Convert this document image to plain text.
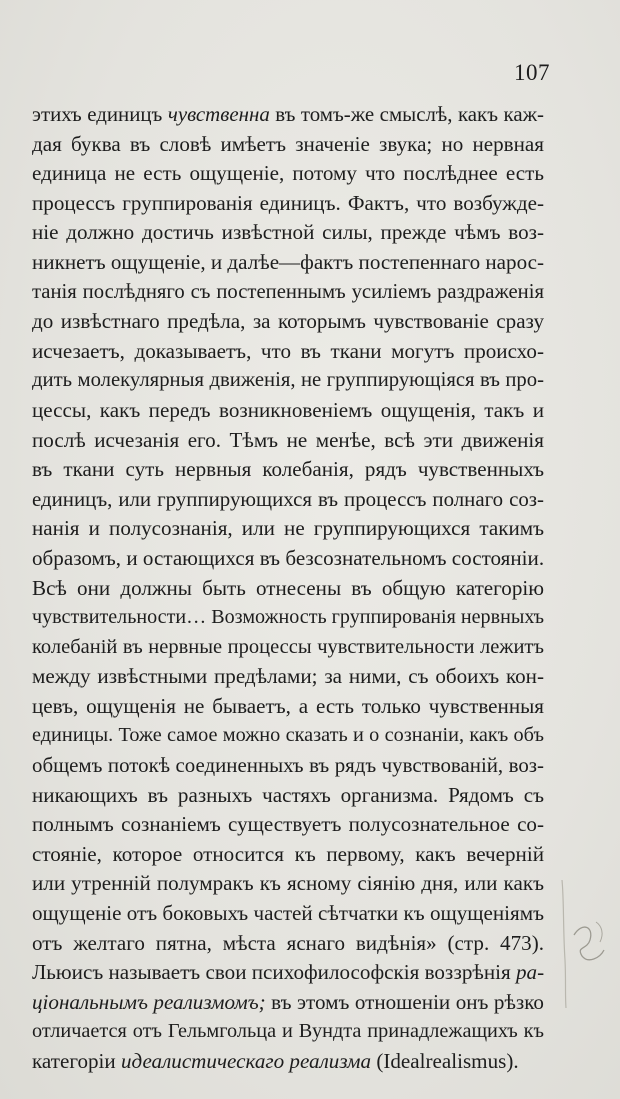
107
этихъ единицъ чувственна въ томъ-же смыслѣ, какъ каж-
дая буква въ словѣ имѣетъ значеніе звука; но нервная
единица не есть ощущеніе, потому что послѣднее есть
процессъ группированія единицъ. Фактъ, что возбужде-
ніе должно достичь извѣстной силы, прежде чѣмъ воз-
никнетъ ощущеніе, и далѣе—фактъ постепеннаго нарос-
танія послѣдняго съ постепеннымъ усиліемъ раздраженія
до извѣстнаго предѣла, за которымъ чувствованіе сразу
исчезаетъ, доказываетъ, что въ ткани могутъ происхо-
дить молекулярныя движенія, не группирующіяся въ про-
цессы, какъ передъ возникновеніемъ ощущенія, такъ и
послѣ исчезанія его. Тѣмъ не менѣе, всѣ эти движенія
въ ткани суть нервныя колебанія, рядъ чувственныхъ
единицъ, или группирующихся въ процессъ полнаго соз-
нанія и полусознанія, или не группирующихся такимъ
образомъ, и остающихся въ безсознательномъ состояніи.
Всѣ они должны быть отнесены въ общую категорію
чувствительности… Возможность группированія нервныхъ
колебаній въ нервные процессы чувствительности лежитъ
между извѣстными предѣлами; за ними, съ обоихъ кон-
цевъ, ощущенія не бываетъ, а есть только чувственныя
единицы. Тоже самое можно сказать и о сознаніи, какъ объ
общемъ потокѣ соединенныхъ въ рядъ чувствованій, воз-
никающихъ въ разныхъ частяхъ организма. Рядомъ съ
полнымъ сознаніемъ существуетъ полусознательное со-
стояніе, которое относится къ первому, какъ вечерній
или утренній полумракъ къ ясному сіянію дня, или какъ
ощущеніе отъ боковыхъ частей сѣтчатки къ ощущеніямъ
отъ желтаго пятна, мѣста яснаго видѣнія» (стр. 473).
Льюисъ называетъ свои психофилософскія воззрѣнія ра-
ціональнымъ реализмомъ; въ этомъ отношеніи онъ рѣзко
отличается отъ Гельмгольца и Вундта принадлежащихъ къ
категоріи идеалистическаго реализма (Idealrealismus).
